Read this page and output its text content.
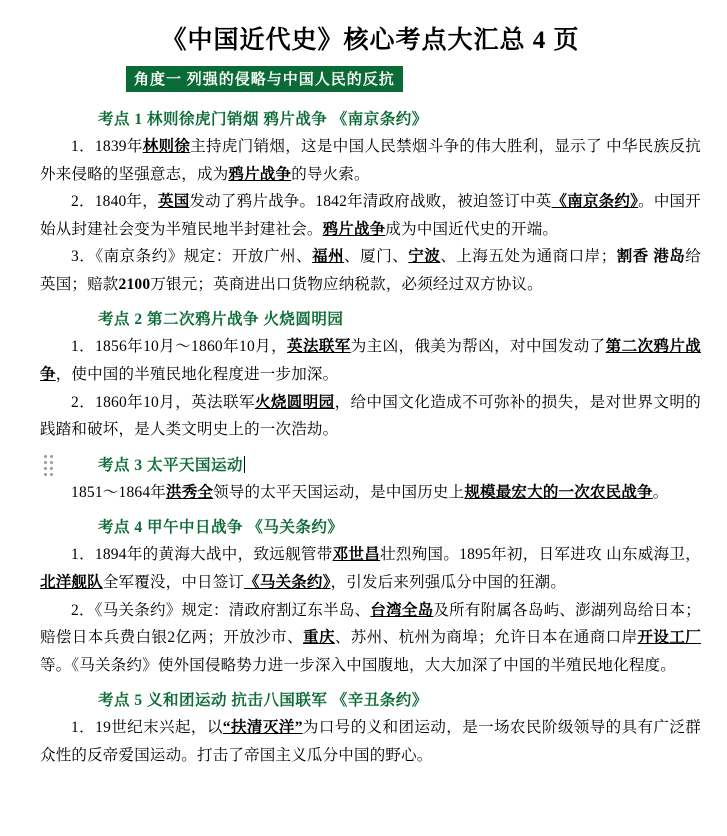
《中国近代史》核心考点大汇总 4 页
角度一 列强的侵略与中国人民的反抗
考点 1 林则徐虎门销烟 鸦片战争 《南京条约》

1．1839年林则徐主持虎门销烟，这是中国人民禁烟斗争的伟大胜利，显示了 中华民族反抗外来侵略的坚强意志，成为鸦片战争的导火索。

2．1840年，英国发动了鸦片战争。1842年清政府战败，被迫签订中英《南京条约》。中国开始从封建社会变为半殖民地半封建社会。鸦片战争成为中国近代史的开端。

3．《南京条约》规定：开放广州、福州、厦门、宁波、上海五处为通商口岸；割香 港岛给英国；赔款2100万银元；英商进出口货物应纳税款，必须经过双方协议。

考点 2 第二次鸦片战争 火烧圆明园

1．1856年10月～1860年10月，英法联军为主凶，俄美为帮凶，对中国发动了第二次鸦片战争，使中国的半殖民地化程度进一步加深。

2．1860年10月，英法联军火烧圆明园，给中国文化造成不可弥补的损失，是对世界文明的践踏和破坏，是人类文明史上的一次浩劫。

考点 3 太平天国运动

1851～1864年洪秀全领导的太平天国运动，是中国历史上规模最宏大的一次农民战争。

考点 4 甲午中日战争 《马关条约》

1．1894年的黄海大战中，致远舰管带邓世昌壮烈殉国。1895年初，日军进攻 山东威海卫，北洋舰队全军覆没，中日签订《马关条约》，引发后来列强瓜分中国的狂潮。

2．《马关条约》规定：清政府割辽东半岛、台湾全岛及所有附属各岛屿、澎湖列岛给日本；赔偿日本兵费白银2亿两；开放沙市、重庆、苏州、杭州为商埠；允许日本在通商口岸开设工厂等。《马关条约》使外国侵略势力进一步深入中国腹地，大大加深了中国的半殖民地化程度。

考点 5 义和团运动 抗击八国联军 《辛丑条约》

1．19世纪末兴起，以“扶清灭洋”为口号的义和团运动，是一场农民阶级领导的具有广泛群众性的反帝爱国运动。打击了帝国主义瓜分中国的野心。
